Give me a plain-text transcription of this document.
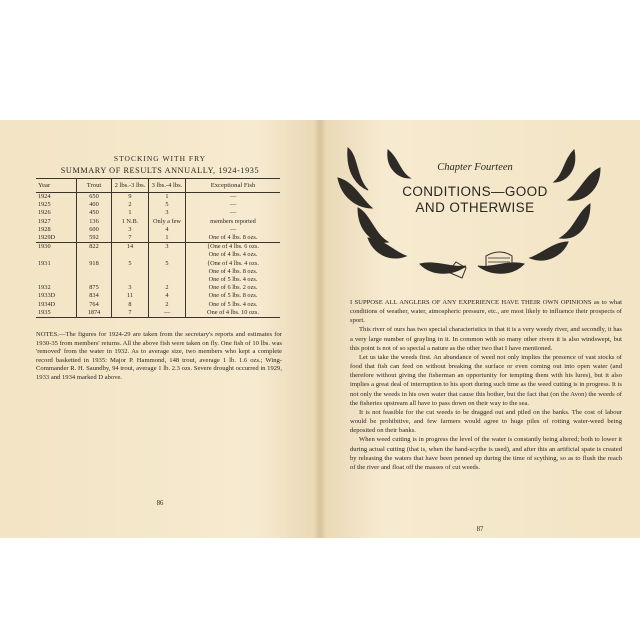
STOCKING WITH FRY
SUMMARY OF RESULTS ANNUALLY, 1924-1935
Year	Trout	2 lbs.-3 lbs.	3 lbs.-4 lbs.	Exceptional Fish
1924	650	9	1	—
1925	400	2	5	—
1926	450	1	3	—
1927	136	1 N.B.	Only a few	members reported
1928	600	3	4	—
1929D	592	7	1	One of 4 lbs. 8 ozs.
1930	822	14	3	{One of 4 lbs. 6 ozs.
				One of 4 lbs. 4 ozs.
1931	918	5	5	{One of 4 lbs. 4 ozs.
				One of 4 lbs. 8 ozs.
				One of 5 lbs. 4 ozs.
1932	875	3	2	One of 6 lbs. 2 ozs.
1933D	834	11	4	One of 5 lbs. 8 ozs.
1934D	764	8	2	One of 5 lbs. 4 ozs.
1935	1874	7	—	One of 4 lbs. 10 ozs.
NOTES.—The figures for 1924-29 are taken from the secretary's reports and estimates for 1930-35 from members' returns. All the above fish were taken on fly. One fish of 10 lbs. was 'removed' from the water in 1932. As to average size, two members who kept a complete record basketted in 1935: Major P. Hammond, 148 trout, average 1 lb. 1.6 ozs.; Wing-Commander R. H. Saundby, 94 trout, average 1 lb. 2.3 ozs. Severe drought occurred in 1929, 1933 and 1934 marked D above.
86
Chapter Fourteen
CONDITIONS—GOOD
AND OTHERWISE

I SUPPOSE ALL ANGLERS OF ANY EXPERIENCE HAVE THEIR OWN OPINIONS as to what conditions of weather, water, atmospheric pressure, etc., are most likely to influence their prospects of sport.

This river of ours has two special characteristics in that it is a very weedy river, and secondly, it has a very large number of grayling in it. In common with so many other rivers it is also windswept, but this point is not of so special a nature as the other two that I have mentioned.

Let us take the weeds first. An abundance of weed not only implies the presence of vast stocks of food that fish can feed on without breaking the surface or even coming out into open water (and therefore without giving the fisherman an opportunity for tempting them with his lures), but it also implies a great deal of interruption to his sport during such time as the weed cutting is in progress. It is not only the weeds in his own water that cause this bother, but the fact that (on the Avon) the weeds of the fisheries upstream all have to pass down on their way to the sea.

It is not feasible for the cut weeds to be dragged out and piled on the banks. The cost of labour would be prohibitive, and few farmers would agree to huge piles of rotting water-weed being deposited on their banks.

When weed cutting is in progress the level of the water is constantly being altered; both to lower it during actual cutting (that is, when the hand-scythe is used), and after this an artificial spate is created by releasing the waters that have been penned up during the time of scything, so as to flush the reach of the river and float off the masses of cut weeds.

87
